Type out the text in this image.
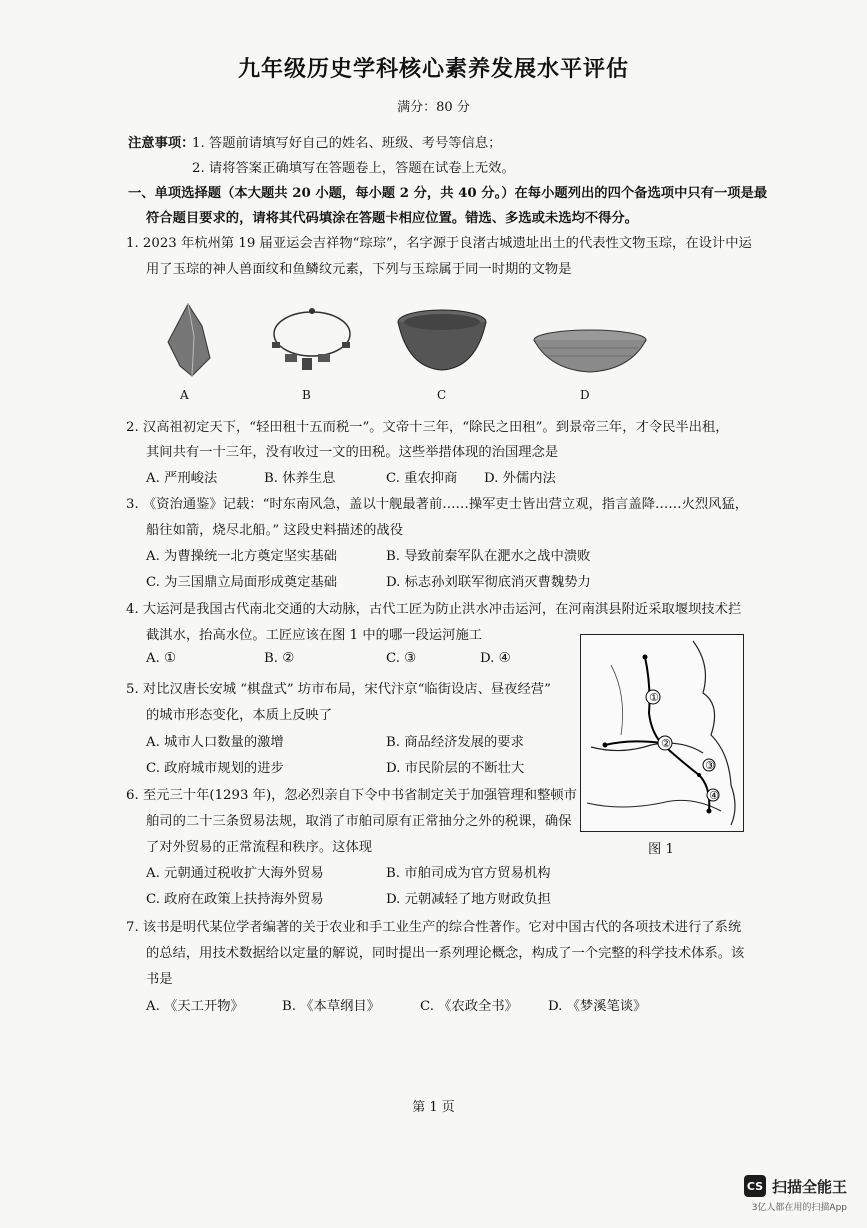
九年级历史学科核心素养发展水平评估
满分：80 分
注意事项：
1. 答题前请填写好自己的姓名、班级、考号等信息；
2. 请将答案正确填写在答题卷上，答题在试卷上无效。
一、单项选择题（本大题共 20 小题，每小题 2 分，共 40 分。）在每小题列出的四个备选项中只有一项是最
符合题目要求的，请将其代码填涂在答题卡相应位置。错选、多选或未选均不得分。
1. 2023 年杭州第 19 届亚运会吉祥物“琮琮”，名字源于良渚古城遗址出土的代表性文物玉琮，在设计中运
用了玉琮的神人兽面纹和鱼鳞纹元素，下列与玉琮属于同一时期的文物是
A	B	C	D
2. 汉高祖初定天下，“轻田租十五而税一”。文帝十三年，“除民之田租”。到景帝三年，才令民半出租，
其间共有一十三年，没有收过一文的田税。这些举措体现的治国理念是
A. 严刑峻法	B. 休养生息	C. 重农抑商 D. 外儒内法
3. 《资治通鉴》记载：“时东南风急，盖以十舰最著前……操军吏士皆出营立观，指言盖降……火烈风猛，
船往如箭，烧尽北船。” 这段史料描述的战役
A. 为曹操统一北方奠定坚实基础	B. 导致前秦军队在淝水之战中溃败
C. 为三国鼎立局面形成奠定基础	D. 标志孙刘联军彻底消灭曹魏势力
4. 大运河是我国古代南北交通的大动脉，古代工匠为防止洪水冲击运河，在河南淇县附近采取堰坝技术拦
截淇水，抬高水位。工匠应该在图 1 中的哪一段运河施工
A. ①	B. ②	C. ③	D. ④
①
②
③
④
图 1
5. 对比汉唐长安城 “棋盘式” 坊市布局，宋代汴京“临街设店、昼夜经营”
的城市形态变化，本质上反映了
A. 城市人口数量的激增	B. 商品经济发展的要求
C. 政府城市规划的进步	D. 市民阶层的不断壮大
6. 至元三十年(1293 年)，忽必烈亲自下令中书省制定关于加强管理和整顿市
舶司的二十三条贸易法规，取消了市舶司原有正常抽分之外的税课，确保
了对外贸易的正常流程和秩序。这体现
A. 元朝通过税收扩大海外贸易	B. 市舶司成为官方贸易机构
C. 政府在政策上扶持海外贸易	D. 元朝减轻了地方财政负担
7. 该书是明代某位学者编著的关于农业和手工业生产的综合性著作。它对中国古代的各项技术进行了系统
的总结，用技术数据给以定量的解说，同时提出一系列理论概念，构成了一个完整的科学技术体系。该
书是
A. 《天工开物》	B. 《本草纲目》	C. 《农政全书》 D. 《梦溪笔谈》
第 1 页
CS 扫描全能王
3亿人都在用的扫描App
